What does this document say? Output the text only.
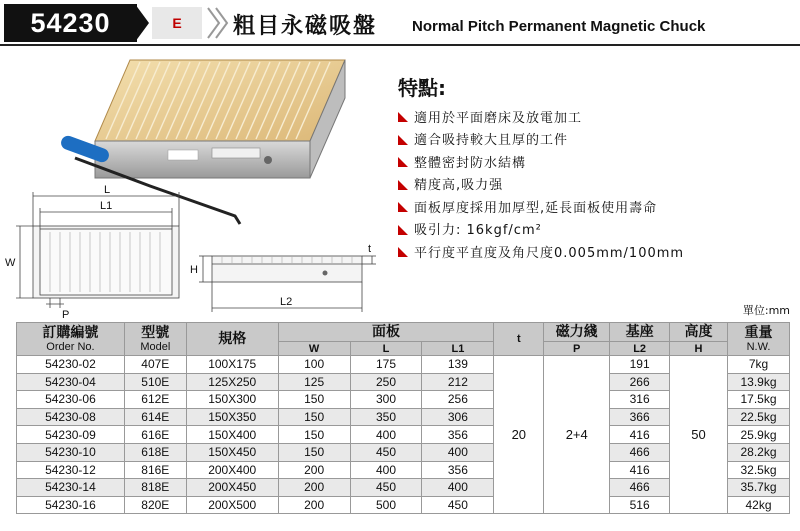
54230	E	粗目永磁吸盤 Normal Pitch Permanent Magnetic Chuck
L
L1
W
P
H
t
L2
特點:
適用於平面磨床及放電加工
適合吸持較大且厚的工件
整體密封防水結構
精度高,吸力强
面板厚度採用加厚型,延長面板使用壽命
吸引力: 16kgf/cm²
平行度平直度及角尺度0.005mm/100mm
單位:mm
訂購編號
Order No.	型號
Model	規格	面板			t	磁力綫	基座	高度	重量
N.W.

			W	L	L1		P	L2	H	
54230-02	407E	100X175	100	175	139	20	2+4	191	50	7kg
54230-04	510E	125X250	125	250	212			266		13.9kg
54230-06	612E	150X300	150	300	256			316		17.5kg
54230-08	614E	150X350	150	350	306			366		22.5kg
54230-09	616E	150X400	150	400	356			416		25.9kg
54230-10	618E	150X450	150	450	400			466		28.2kg
54230-12	816E	200X400	200	400	356			416		32.5kg
54230-14	818E	200X450	200	450	400			466		35.7kg
54230-16	820E	200X500	200	500	450			516		42kg
